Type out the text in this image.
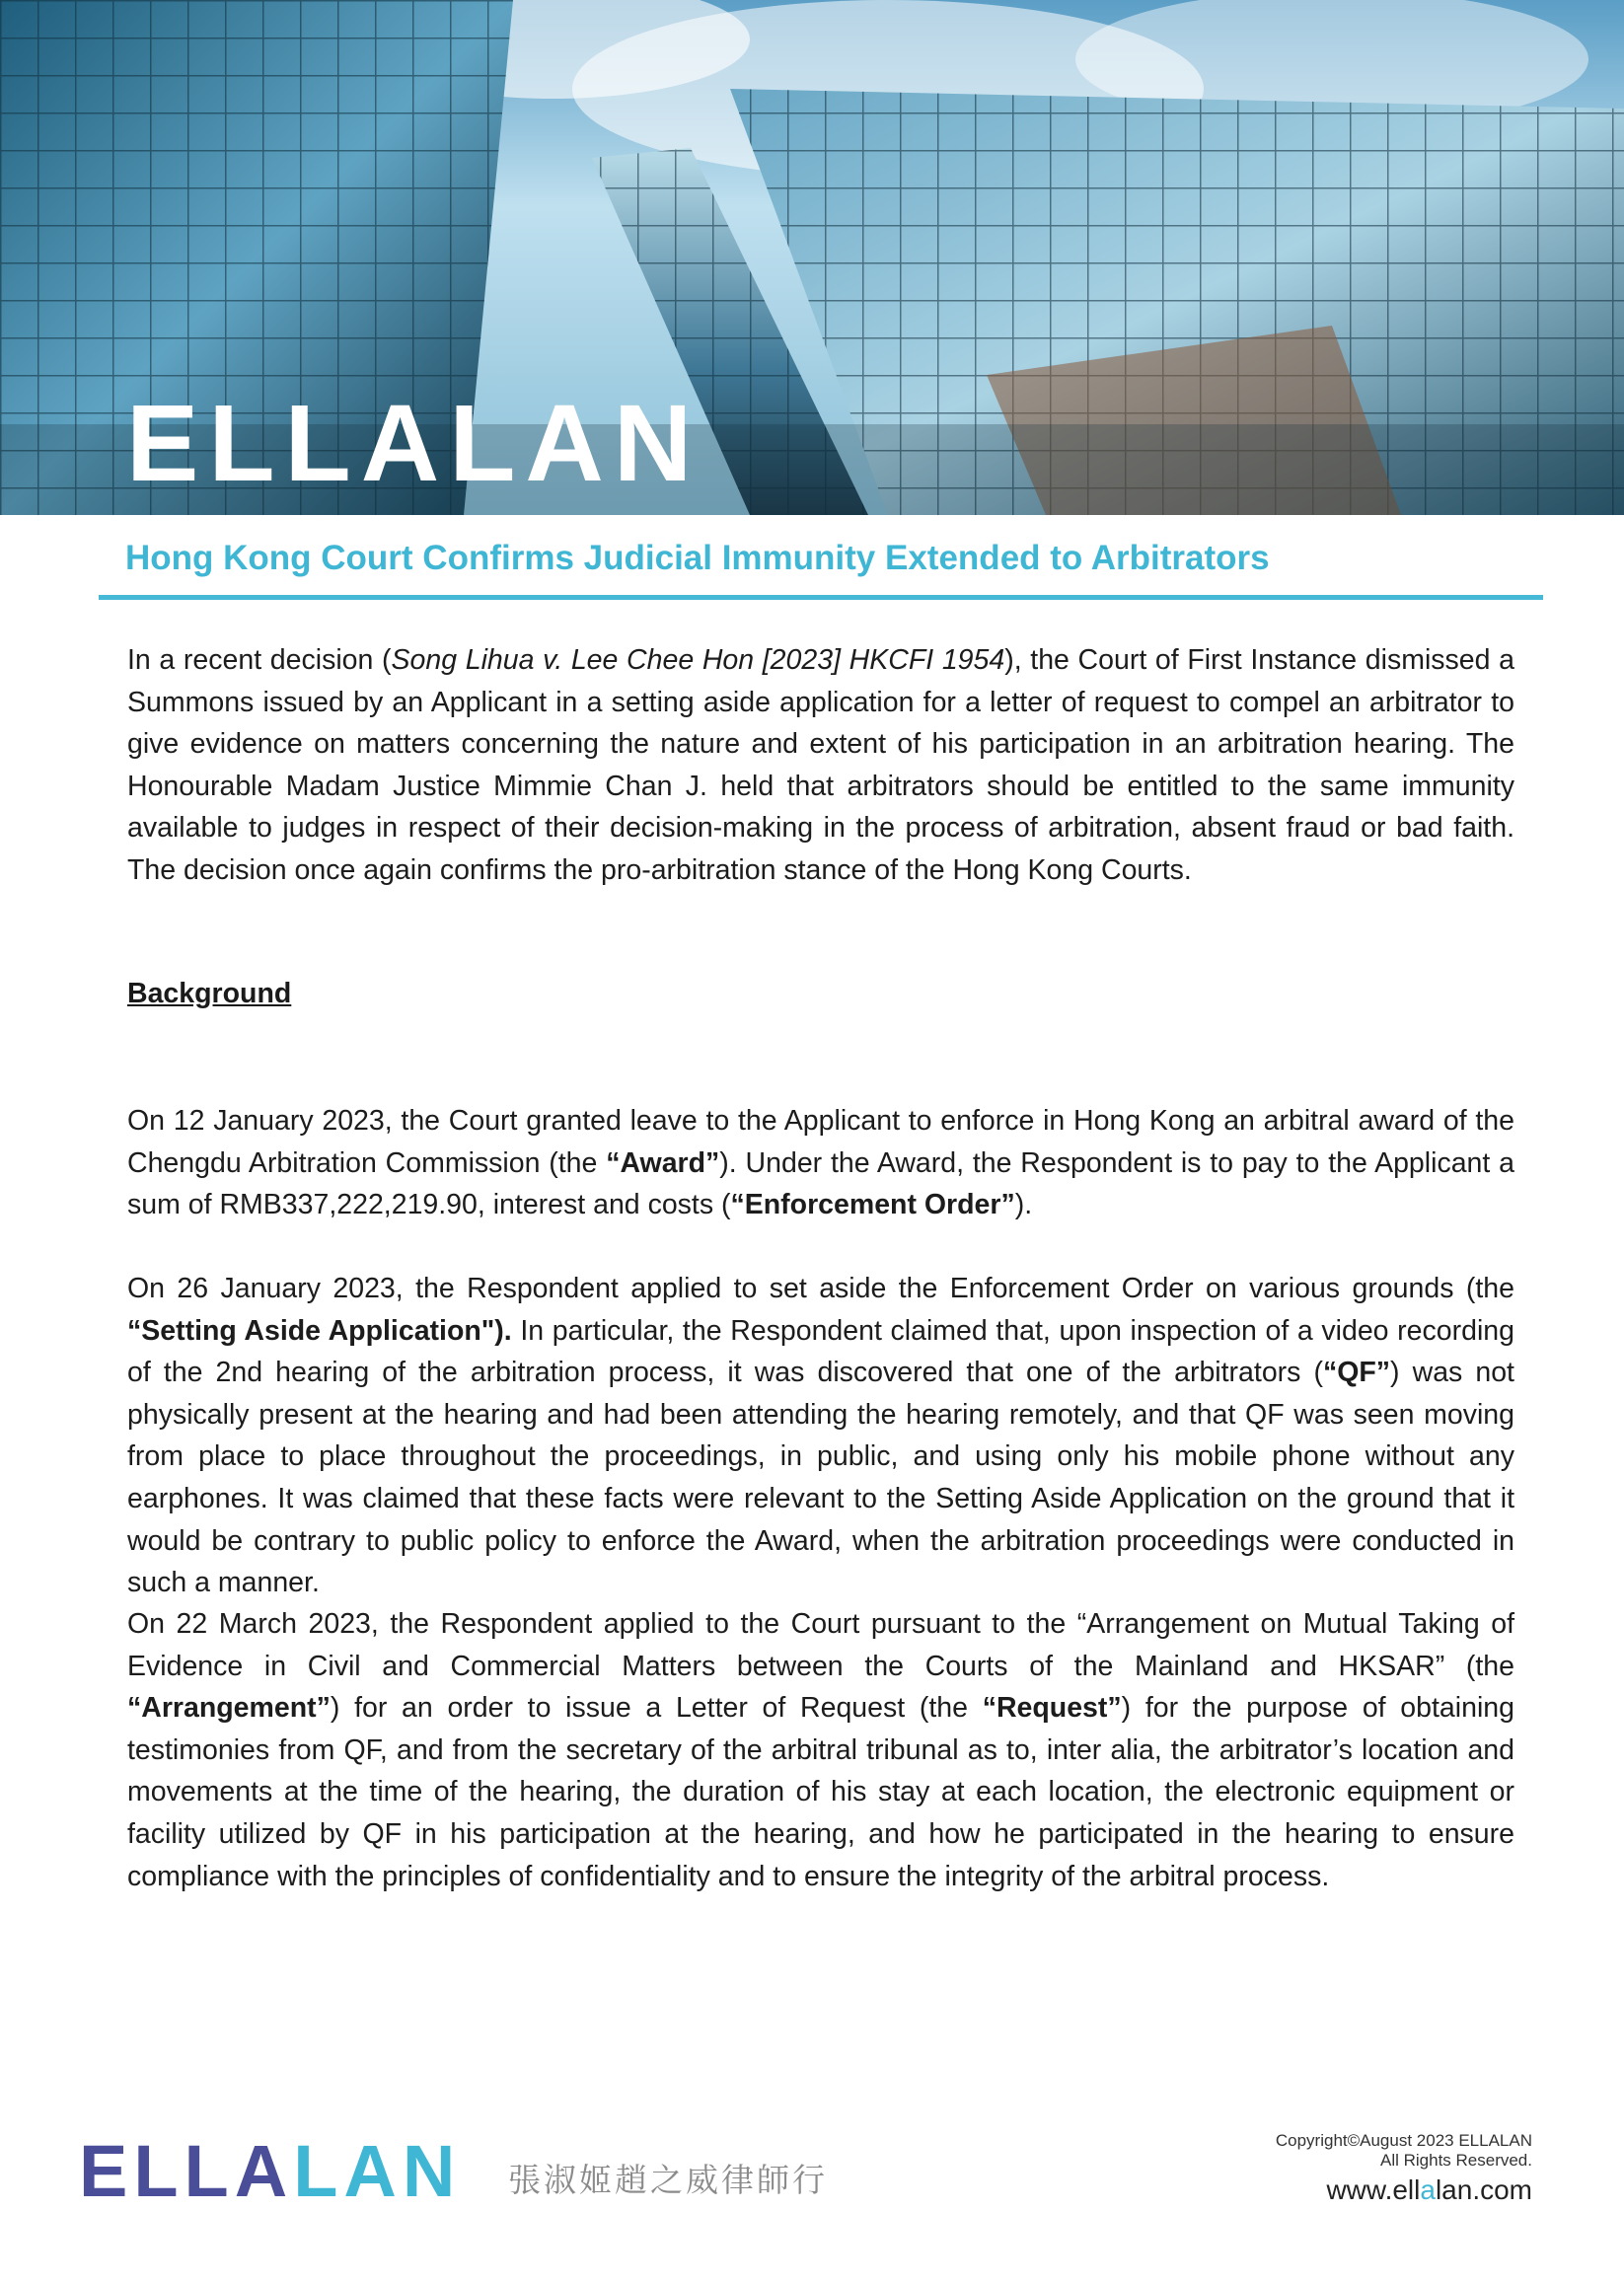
ELLALAN
Hong Kong Court Confirms Judicial Immunity Extended to Arbitrators
In a recent decision (Song Lihua v. Lee Chee Hon [2023] HKCFI 1954), the Court of First Instance dismissed a Summons issued by an Applicant in a setting aside application for a letter of request to compel an arbitrator to give evidence on matters concerning the nature and extent of his participation in an arbitration hearing. The Honourable Madam Justice Mimmie Chan J. held that arbitrators should be entitled to the same immunity available to judges in respect of their decision-making in the process of arbitration, absent fraud or bad faith. The decision once again confirms the pro-arbitration stance of the Hong Kong Courts.
Background
On 12 January 2023, the Court granted leave to the Applicant to enforce in Hong Kong an arbitral award of the Chengdu Arbitration Commission (the “Award”). Under the Award, the Respondent is to pay to the Applicant a sum of RMB337,222,219.90, interest and costs (“Enforcement Order”).
On 26 January 2023, the Respondent applied to set aside the Enforcement Order on various grounds (the “Setting Aside Application"). In particular, the Respondent claimed that, upon inspection of a video recording of the 2nd hearing of the arbitration process, it was discovered that one of the arbitrators (“QF”) was not physically present at the hearing and had been attending the hearing remotely, and that QF was seen moving from place to place throughout the proceedings, in public, and using only his mobile phone without any earphones. It was claimed that these facts were relevant to the Setting Aside Application on the ground that it would be contrary to public policy to enforce the Award, when the arbitration proceedings were conducted in such a manner.
On 22 March 2023, the Respondent applied to the Court pursuant to the “Arrangement on Mutual Taking of Evidence in Civil and Commercial Matters between the Courts of the Mainland and HKSAR” (the “Arrangement”) for an order to issue a Letter of Request (the “Request”) for the purpose of obtaining testimonies from QF, and from the secretary of the arbitral tribunal as to, inter alia, the arbitrator’s location and movements at the time of the hearing, the duration of his stay at each location, the electronic equipment or facility utilized by QF in his participation at the hearing, and how he participated in the hearing to ensure compliance with the principles of confidentiality and to ensure the integrity of the arbitral process.
ELLALAN 張淑姬趙之威律師行
Copyright©August 2023 ELLALAN
All Rights Reserved.
www.ellalan.com
